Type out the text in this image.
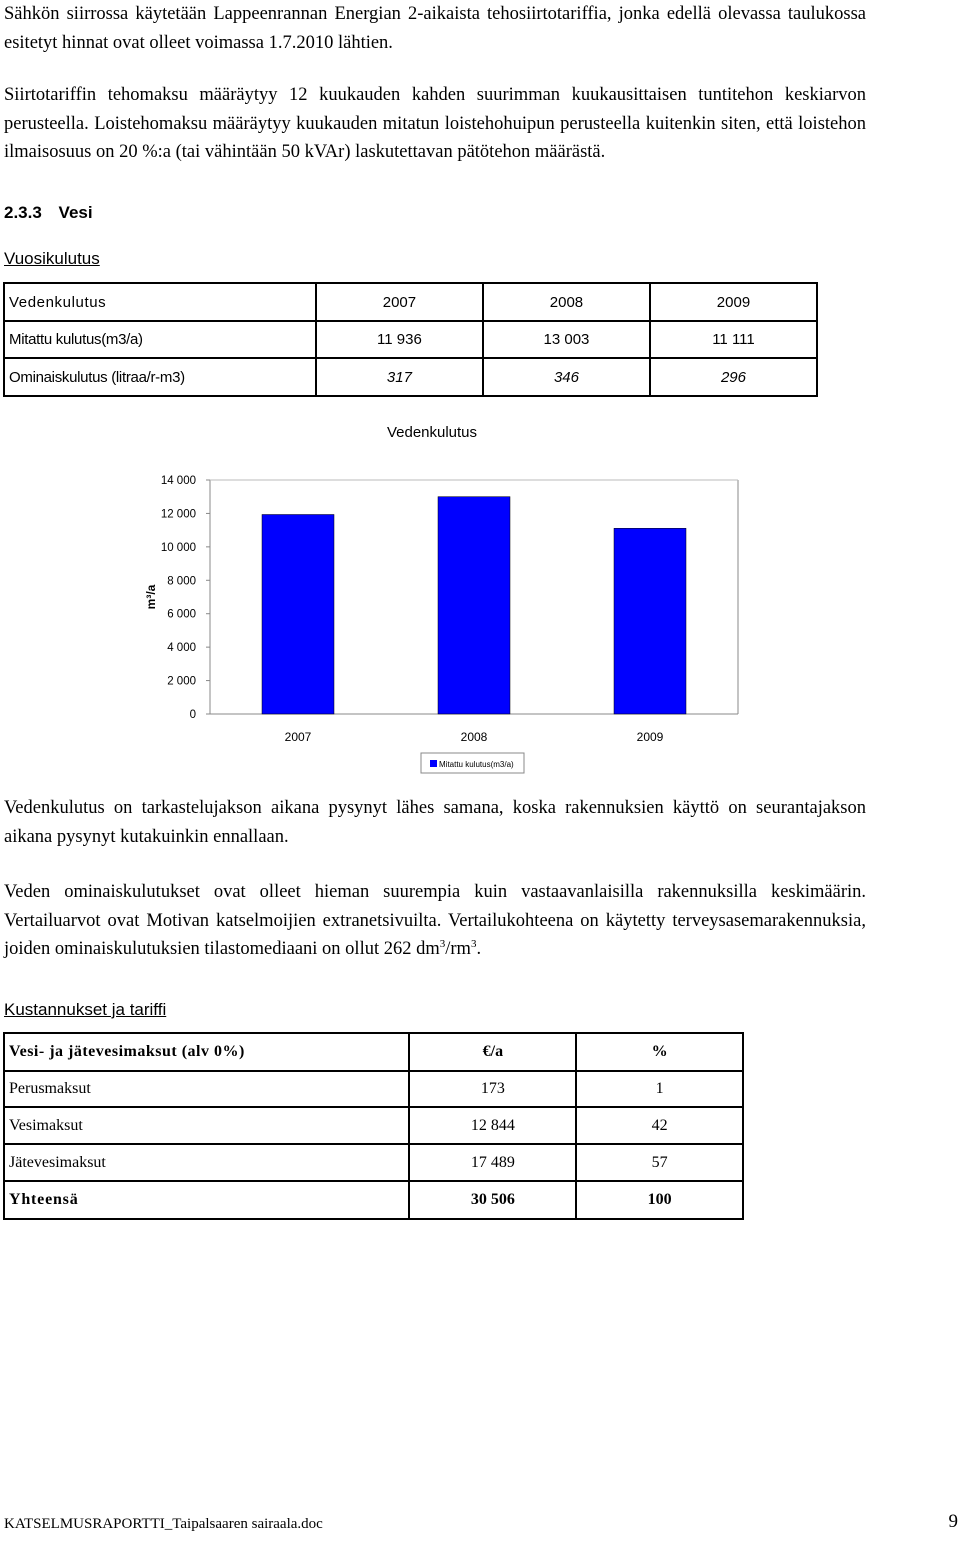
Sähkön siirrossa käytetään Lappeenrannan Energian 2-aikaista tehosiirtotariffia, jonka edellä olevassa taulukossa esitetyt hinnat ovat olleet voimassa 1.7.2010 lähtien.
Siirtotariffin tehomaksu määräytyy 12 kuukauden kahden suurimman kuukausittaisen tuntitehon keskiarvon perusteella. Loistehomaksu määräytyy kuukauden mitatun loistehohuipun perusteella kuitenkin siten, että loistehon ilmaisosuus on 20 %:a (tai vähintään 50 kVAr) laskutettavan pätötehon määrästä.
2.3.3 Vesi
Vuosikulutus
Vedenkulutus	2007	2008	2009
Mitattu kulutus(m3/a)	11 936	13 003	11 111
Ominaiskulutus (litraa/r-m3)	317	346	296
Vedenkulutus
0
2 000
4 000
6 000
8 000
10 000
12 000
14 000
m³/a
2007	2008	2009
Mitattu kulutus(m3/a)
Vedenkulutus on tarkastelujakson aikana pysynyt lähes samana, koska rakennuksien käyttö on seurantajakson aikana pysynyt kutakuinkin ennallaan.
Veden ominaiskulutukset ovat olleet hieman suurempia kuin vastaavanlaisilla rakennuksilla keskimäärin. Vertailuarvot ovat Motivan katselmoijien extranetsivuilta. Vertailukohteena on käytetty terveysasemarakennuksia, joiden ominaiskulutuksien tilastomediaani on ollut 262 $dm^3/rm^3$.
Kustannukset ja tariffi
Vesi- ja jätevesimaksut (alv 0%)	€/a	%
Perusmaksut	173	1
Vesimaksut	12 844	42
Jätevesimaksut	17 489	57
Yhteensä	30 506	100
KATSELMUSRAPORTTI_Taipalsaaren sairaala.doc	9
